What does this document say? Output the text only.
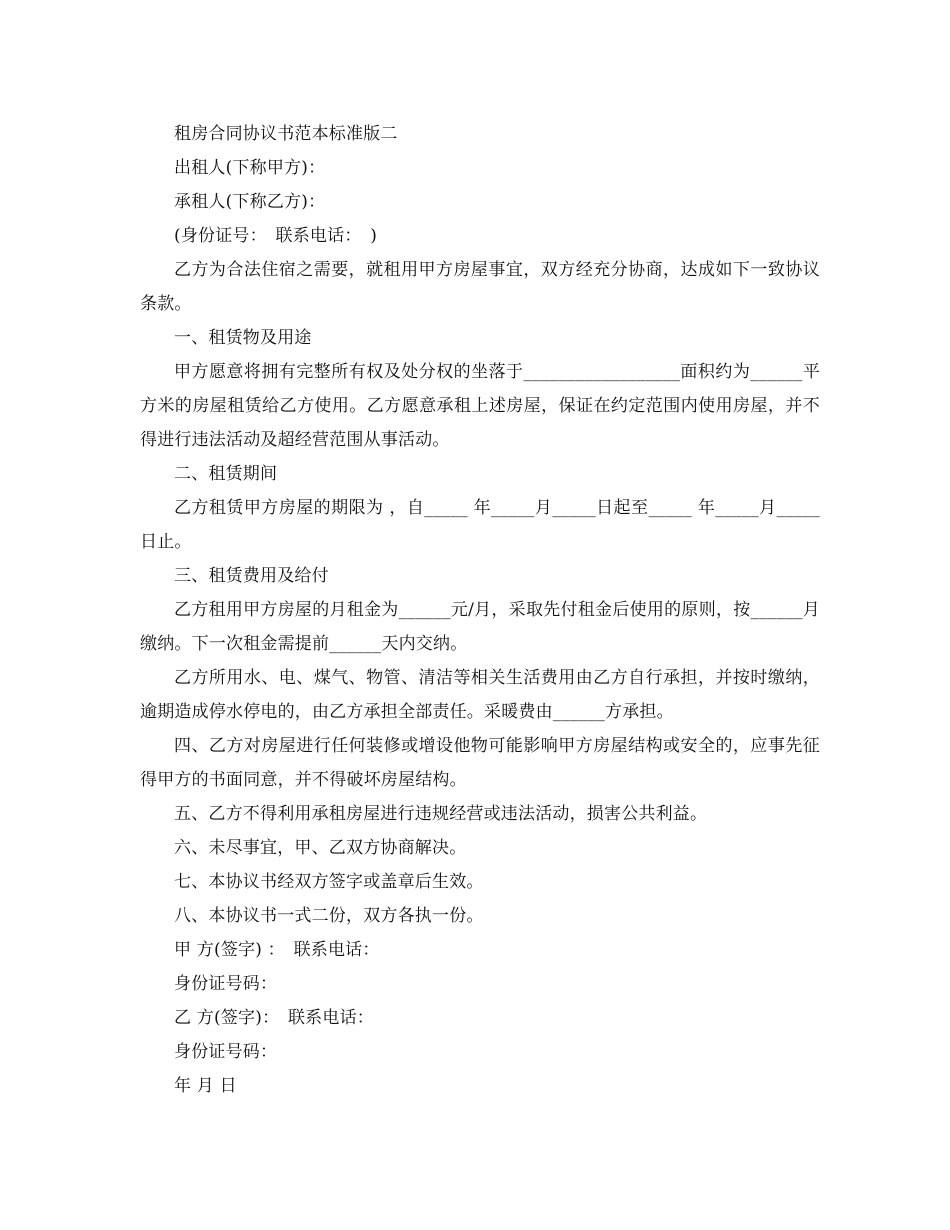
租房合同协议书范本标准版二

出租人(下称甲方)：

承租人(下称乙方)：

(身份证号：　联系电话：　)

乙方为合法住宿之需要，就租用甲方房屋事宜，双方经充分协商，达成如下一致协议条款。

一、租赁物及用途

甲方愿意将拥有完整所有权及处分权的坐落于__________________面积约为______平方米的房屋租赁给乙方使用。乙方愿意承租上述房屋，保证在约定范围内使用房屋，并不得进行违法活动及超经营范围从事活动。

二、租赁期间

乙方租赁甲方房屋的期限为 ，自_____ 年_____月_____日起至_____ 年_____月_____日止。

三、租赁费用及给付

乙方租用甲方房屋的月租金为______元/月，采取先付租金后使用的原则，按______月缴纳。下一次租金需提前______天内交纳。

乙方所用水、电、煤气、物管、清洁等相关生活费用由乙方自行承担，并按时缴纳，逾期造成停水停电的，由乙方承担全部责任。采暖费由______方承担。

四、乙方对房屋进行任何装修或增设他物可能影响甲方房屋结构或安全的，应事先征得甲方的书面同意，并不得破坏房屋结构。

五、乙方不得利用承租房屋进行违规经营或违法活动，损害公共利益。

六、未尽事宜，甲、乙双方协商解决。

七、本协议书经双方签字或盖章后生效。

八、本协议书一式二份，双方各执一份。

甲 方(签字) ：　联系电话：

身份证号码：

乙 方(签字)：　联系电话：

身份证号码：

年 月 日
